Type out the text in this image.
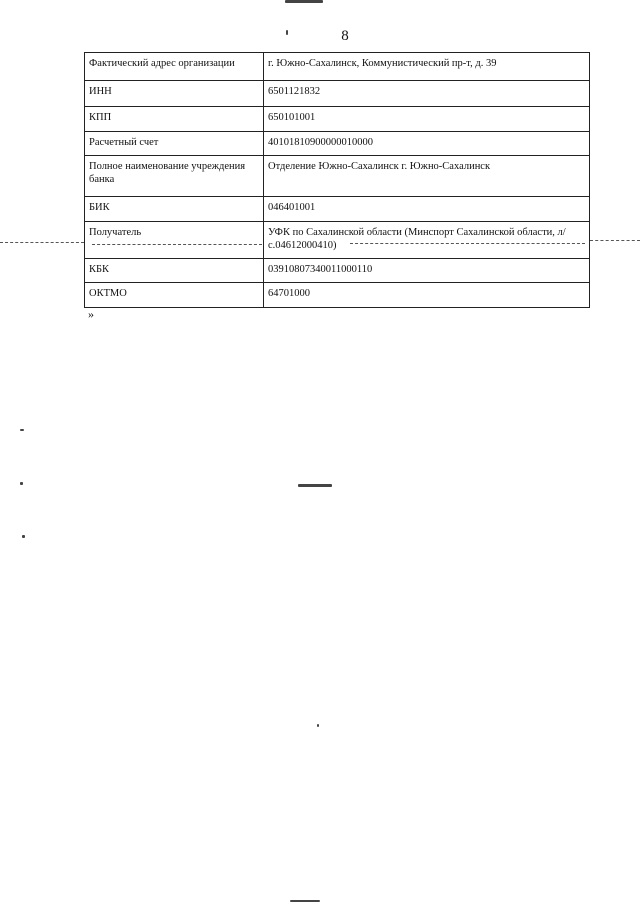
8
Фактический адрес организации	г. Южно-Сахалинск, Коммунистический пр-т, д. 39
ИНН	6501121832
КПП	650101001
Расчетный счет	40101810900000010000
Полное наименование учреждения банка	Отделение Южно-Сахалинск г. Южно-Сахалинск
БИК	046401001
Получатель	УФК по Сахалинской области (Минспорт Сахалинской области, л/с.04612000410)
КБК	03910807340011000110
ОКТМО	64701000
»
